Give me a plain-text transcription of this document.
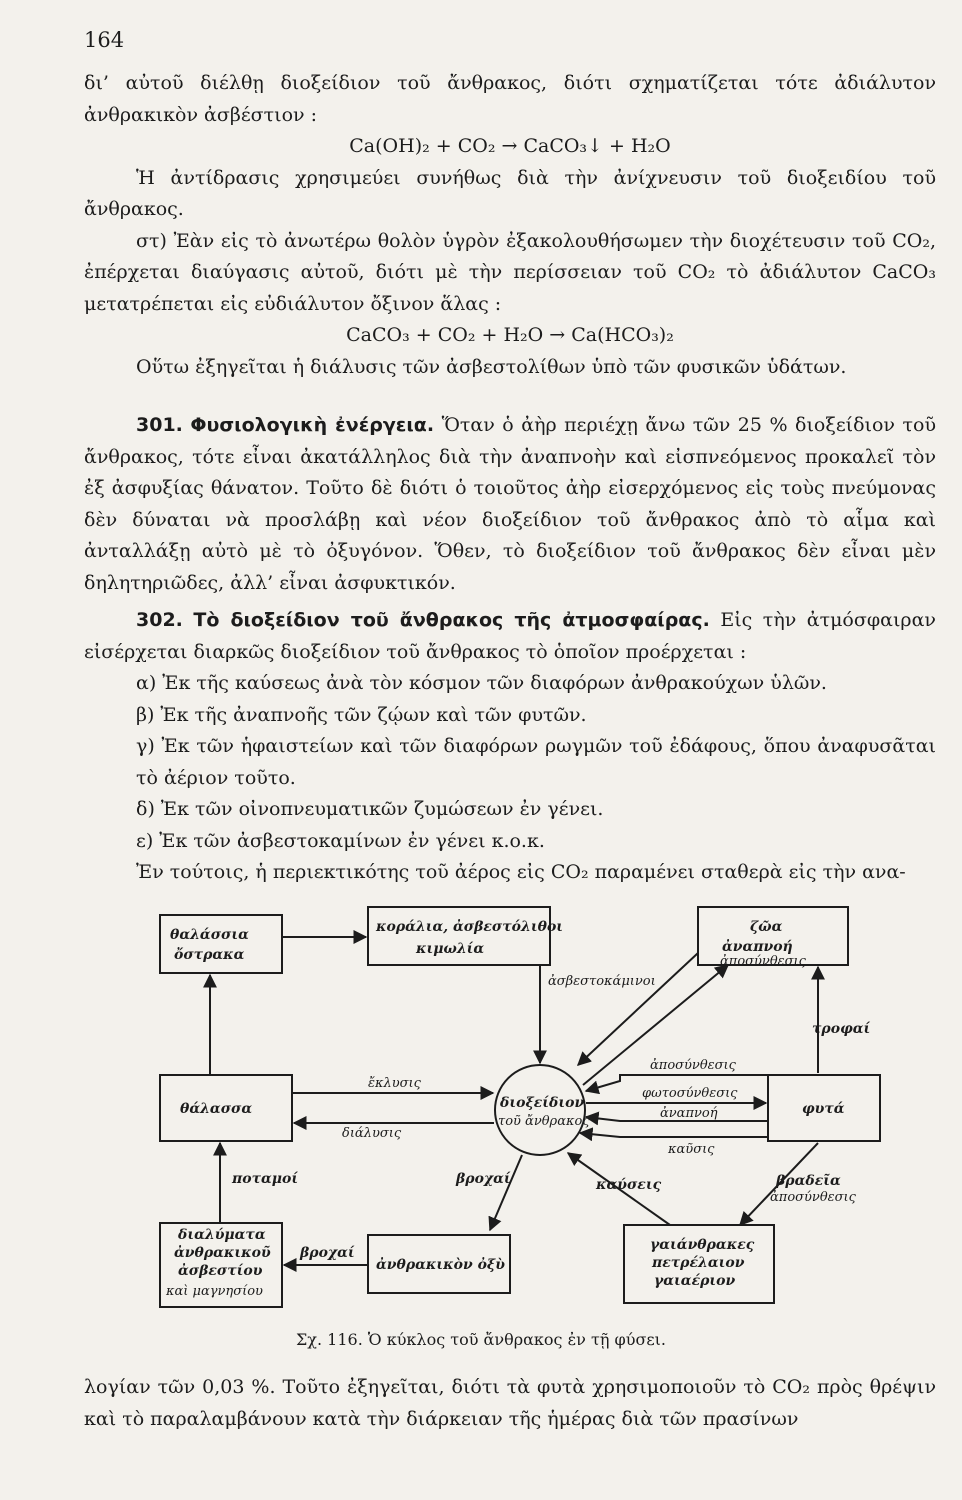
164

δι’ αὐτοῦ διέλθῃ διοξείδιον τοῦ ἄνθρακος, διότι σχηματίζεται τότε ἀδιάλυτον ἀνθρακικὸν ἀσβέστιον :

Ca(OH)₂ + CO₂ → CaCO₃↓ + H₂O

Ἡ ἀντίδρασις χρησιμεύει συνήθως διὰ τὴν ἀνίχνευσιν τοῦ διοξειδίου τοῦ ἄνθρακος.

στ) Ἐὰν εἰς τὸ ἀνωτέρω θολὸν ὑγρὸν ἐξακολουθήσωμεν τὴν διοχέτευσιν τοῦ CO₂, ἐπέρχεται διαύγασις αὐτοῦ, διότι μὲ τὴν περίσσειαν τοῦ CO₂ τὸ ἀδιάλυτον CaCO₃ μετατρέπεται εἰς εὐδιάλυτον ὄξινον ἅλας :

CaCO₃ + CO₂ + H₂O → Ca(HCO₃)₂

Οὕτω ἐξηγεῖται ἡ διάλυσις τῶν ἀσβεστολίθων ὑπὸ τῶν φυσικῶν ὑδάτων.

301. Φυσιολογικὴ ἐνέργεια. Ὅταν ὁ ἀὴρ περιέχῃ ἄνω τῶν 25 % διοξείδιον τοῦ ἄνθρακος, τότε εἶναι ἀκατάλληλος διὰ τὴν ἀναπνοὴν καὶ εἰσπνεόμενος προκαλεῖ τὸν ἐξ ἀσφυξίας θάνατον. Τοῦτο δὲ διότι ὁ τοιοῦτος ἀὴρ εἰσερχόμενος εἰς τοὺς πνεύμονας δὲν δύναται νὰ προσλάβῃ καὶ νέον διοξείδιον τοῦ ἄνθρακος ἀπὸ τὸ αἷμα καὶ ἀνταλλάξῃ αὐτὸ μὲ τὸ ὀξυγόνον. Ὅθεν, τὸ διοξείδιον τοῦ ἄνθρακος δὲν εἶναι μὲν δηλητηριῶδες, ἀλλ’ εἶναι ἀσφυκτικόν.

302. Τὸ διοξείδιον τοῦ ἄνθρακος τῆς ἀτμοσφαίρας. Εἰς τὴν ἀτμόσφαιραν εἰσέρχεται διαρκῶς διοξείδιον τοῦ ἄνθρακος τὸ ὁποῖον προέρχεται :

α) Ἐκ τῆς καύσεως ἀνὰ τὸν κόσμον τῶν διαφόρων ἀνθρακούχων ὑλῶν.

β) Ἐκ τῆς ἀναπνοῆς τῶν ζῴων καὶ τῶν φυτῶν.

γ) Ἐκ τῶν ἡφαιστείων καὶ τῶν διαφόρων ρωγμῶν τοῦ ἐδάφους, ὅπου ἀναφυσᾶται τὸ ἀέριον τοῦτο.

δ) Ἐκ τῶν οἰνοπνευματικῶν ζυμώσεων ἐν γένει.

ε) Ἐκ τῶν ἀσβεστοκαμίνων ἐν γένει κ.ο.κ.

Ἐν τούτοις, ἡ περιεκτικότης τοῦ ἀέρος εἰς CO₂ παραμένει σταθερὰ εἰς τὴν ανα-

θαλάσσια
ὄστρακα
κοράλια, ἀσβεστόλιθοι
κιμωλία
ζῶα
θάλασσα	διοξείδιον
τοῦ ἄνθρακος
φυτά
διαλύματα
ἀνθρακικοῦ
ἀσβεστίου
καὶ μαγνησίου
ἀνθρακικὸν ὀξὺ
γαιάνθρακες
πετρέλαιον
γαιαέριον
ἀσβεστοκάμινοι
ἀναπνοή
ἀποσύνθεσις
τροφαί
ἔκλυσις
διάλυσις
ἀποσύνθεσις
φωτοσύνθεσις
ἀναπνοή
καῦσις
ποταμοί	βροχαί	καύσεις	βραδεῖα
ἀποσύνθεσις
βροχαί
Σχ. 116. Ὁ κύκλος τοῦ ἄνθρακος ἐν τῇ φύσει.

λογίαν τῶν 0,03 %. Τοῦτο ἐξηγεῖται, διότι τὰ φυτὰ χρησιμοποιοῦν τὸ CO₂ πρὸς θρέψιν καὶ τὸ παραλαμβάνουν κατὰ τὴν διάρκειαν τῆς ἡμέρας διὰ τῶν πρασίνων
